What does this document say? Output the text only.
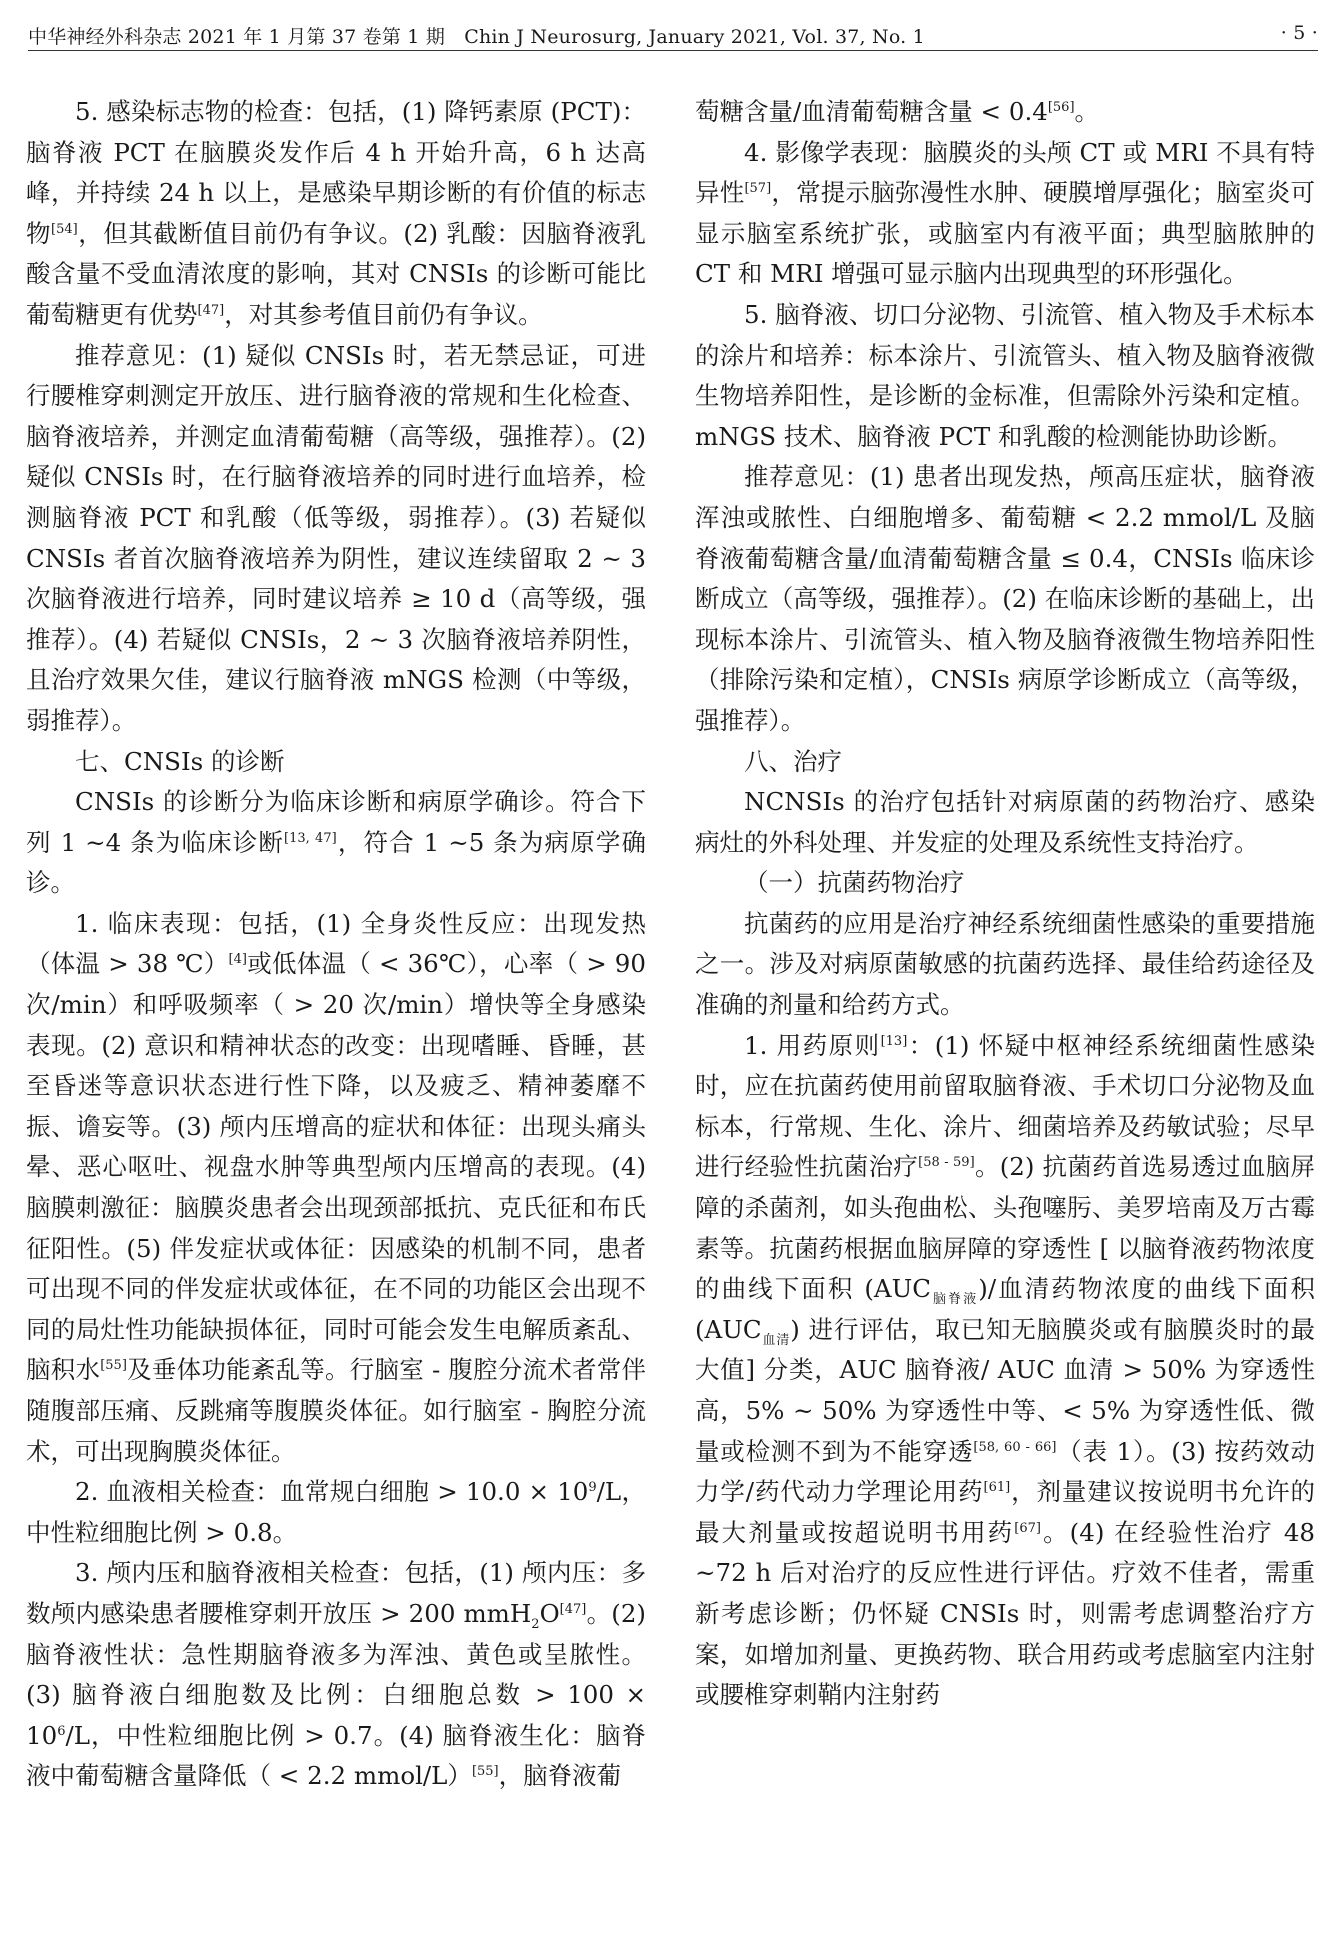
中华神经外科杂志 2021 年 1 月第 37 卷第 1 期　Chin J Neurosurg, January 2021, Vol. 37, No. 1	· 5 ·

5. 感染标志物的检查：包括，(1) 降钙素原 (PCT)：脑脊液 PCT 在脑膜炎发作后 4 h 开始升高，6 h 达高峰，并持续 24 h 以上，是感染早期诊断的有价值的标志物[54]，但其截断值目前仍有争议。(2) 乳酸：因脑脊液乳酸含量不受血清浓度的影响，其对 CNSIs 的诊断可能比葡萄糖更有优势[47]，对其参考值目前仍有争议。

推荐意见：(1) 疑似 CNSIs 时，若无禁忌证，可进行腰椎穿刺测定开放压、进行脑脊液的常规和生化检查、脑脊液培养，并测定血清葡萄糖（高等级，强推荐）。(2) 疑似 CNSIs 时，在行脑脊液培养的同时进行血培养，检测脑脊液 PCT 和乳酸（低等级，弱推荐）。(3) 若疑似 CNSIs 者首次脑脊液培养为阴性，建议连续留取 2 ~ 3 次脑脊液进行培养，同时建议培养 ≥ 10 d（高等级，强推荐）。(4) 若疑似 CNSIs，2 ~ 3 次脑脊液培养阴性，且治疗效果欠佳，建议行脑脊液 mNGS 检测（中等级，弱推荐）。

七、CNSIs 的诊断

CNSIs 的诊断分为临床诊断和病原学确诊。符合下列 1 ~4 条为临床诊断[13, 47]，符合 1 ~5 条为病原学确诊。

1. 临床表现：包括，(1) 全身炎性反应：出现发热（体温 > 38 ℃）[4]或低体温（ < 36℃），心率（ > 90 次/min）和呼吸频率（ > 20 次/min）增快等全身感染表现。(2) 意识和精神状态的改变：出现嗜睡、昏睡，甚至昏迷等意识状态进行性下降，以及疲乏、精神萎靡不振、谵妄等。(3) 颅内压增高的症状和体征：出现头痛头晕、恶心呕吐、视盘水肿等典型颅内压增高的表现。(4) 脑膜刺激征：脑膜炎患者会出现颈部抵抗、克氏征和布氏征阳性。(5) 伴发症状或体征：因感染的机制不同，患者可出现不同的伴发症状或体征，在不同的功能区会出现不同的局灶性功能缺损体征，同时可能会发生电解质紊乱、脑积水[55]及垂体功能紊乱等。行脑室 - 腹腔分流术者常伴随腹部压痛、反跳痛等腹膜炎体征。如行脑室 - 胸腔分流术，可出现胸膜炎体征。

2. 血液相关检查：血常规白细胞 > $10.0 \times 10^9/L$，中性粒细胞比例 > 0.8。

3. 颅内压和脑脊液相关检查：包括，(1) 颅内压：多数颅内感染患者腰椎穿刺开放压 > 200 mmH$_2$O[47]。(2) 脑脊液性状：急性期脑脊液多为浑浊、黄色或呈脓性。(3) 脑脊液白细胞数及比例：白细胞总数 > $100 \times 10^6/L$，中性粒细胞比例 > 0.7。(4) 脑脊液生化：脑脊液中葡萄糖含量降低（ < 2.2 mmol/L）[55]，脑脊液葡

萄糖含量/血清葡萄糖含量 < 0.4[56]。

4. 影像学表现：脑膜炎的头颅 CT 或 MRI 不具有特异性[57]，常提示脑弥漫性水肿、硬膜增厚强化；脑室炎可显示脑室系统扩张，或脑室内有液平面；典型脑脓肿的 CT 和 MRI 增强可显示脑内出现典型的环形强化。

5. 脑脊液、切口分泌物、引流管、植入物及手术标本的涂片和培养：标本涂片、引流管头、植入物及脑脊液微生物培养阳性，是诊断的金标准，但需除外污染和定植。mNGS 技术、脑脊液 PCT 和乳酸的检测能协助诊断。

推荐意见：(1) 患者出现发热，颅高压症状，脑脊液浑浊或脓性、白细胞增多、葡萄糖 < 2.2 mmol/L 及脑脊液葡萄糖含量/血清葡萄糖含量 ≤ 0.4，CNSIs 临床诊断成立（高等级，强推荐）。(2) 在临床诊断的基础上，出现标本涂片、引流管头、植入物及脑脊液微生物培养阳性（排除污染和定植），CNSIs 病原学诊断成立（高等级，强推荐）。

八、治疗

NCNSIs 的治疗包括针对病原菌的药物治疗、感染病灶的外科处理、并发症的处理及系统性支持治疗。

（一）抗菌药物治疗

抗菌药的应用是治疗神经系统细菌性感染的重要措施之一。涉及对病原菌敏感的抗菌药选择、最佳给药途径及准确的剂量和给药方式。

1. 用药原则[13]：(1) 怀疑中枢神经系统细菌性感染时，应在抗菌药使用前留取脑脊液、手术切口分泌物及血标本，行常规、生化、涂片、细菌培养及药敏试验；尽早进行经验性抗菌治疗[58 - 59]。(2) 抗菌药首选易透过血脑屏障的杀菌剂，如头孢曲松、头孢噻肟、美罗培南及万古霉素等。抗菌药根据血脑屏障的穿透性 [ 以脑脊液药物浓度的曲线下面积 $(AUC_{脑脊液})/$血清药物浓度的曲线下面积 $(AUC_{血清})$ 进行评估，取已知无脑膜炎或有脑膜炎时的最大值] 分类，AUC 脑脊液/ AUC 血清 > 50% 为穿透性高，5% ~ 50% 为穿透性中等、< 5% 为穿透性低、微量或检测不到为不能穿透[58, 60 - 66]（表 1）。(3) 按药效动力学/药代动力学理论用药[61]，剂量建议按说明书允许的最大剂量或按超说明书用药[67]。(4) 在经验性治疗 48 ~72 h 后对治疗的反应性进行评估。疗效不佳者，需重新考虑诊断；仍怀疑 CNSIs 时，则需考虑调整治疗方案，如增加剂量、更换药物、联合用药或考虑脑室内注射或腰椎穿刺鞘内注射药
